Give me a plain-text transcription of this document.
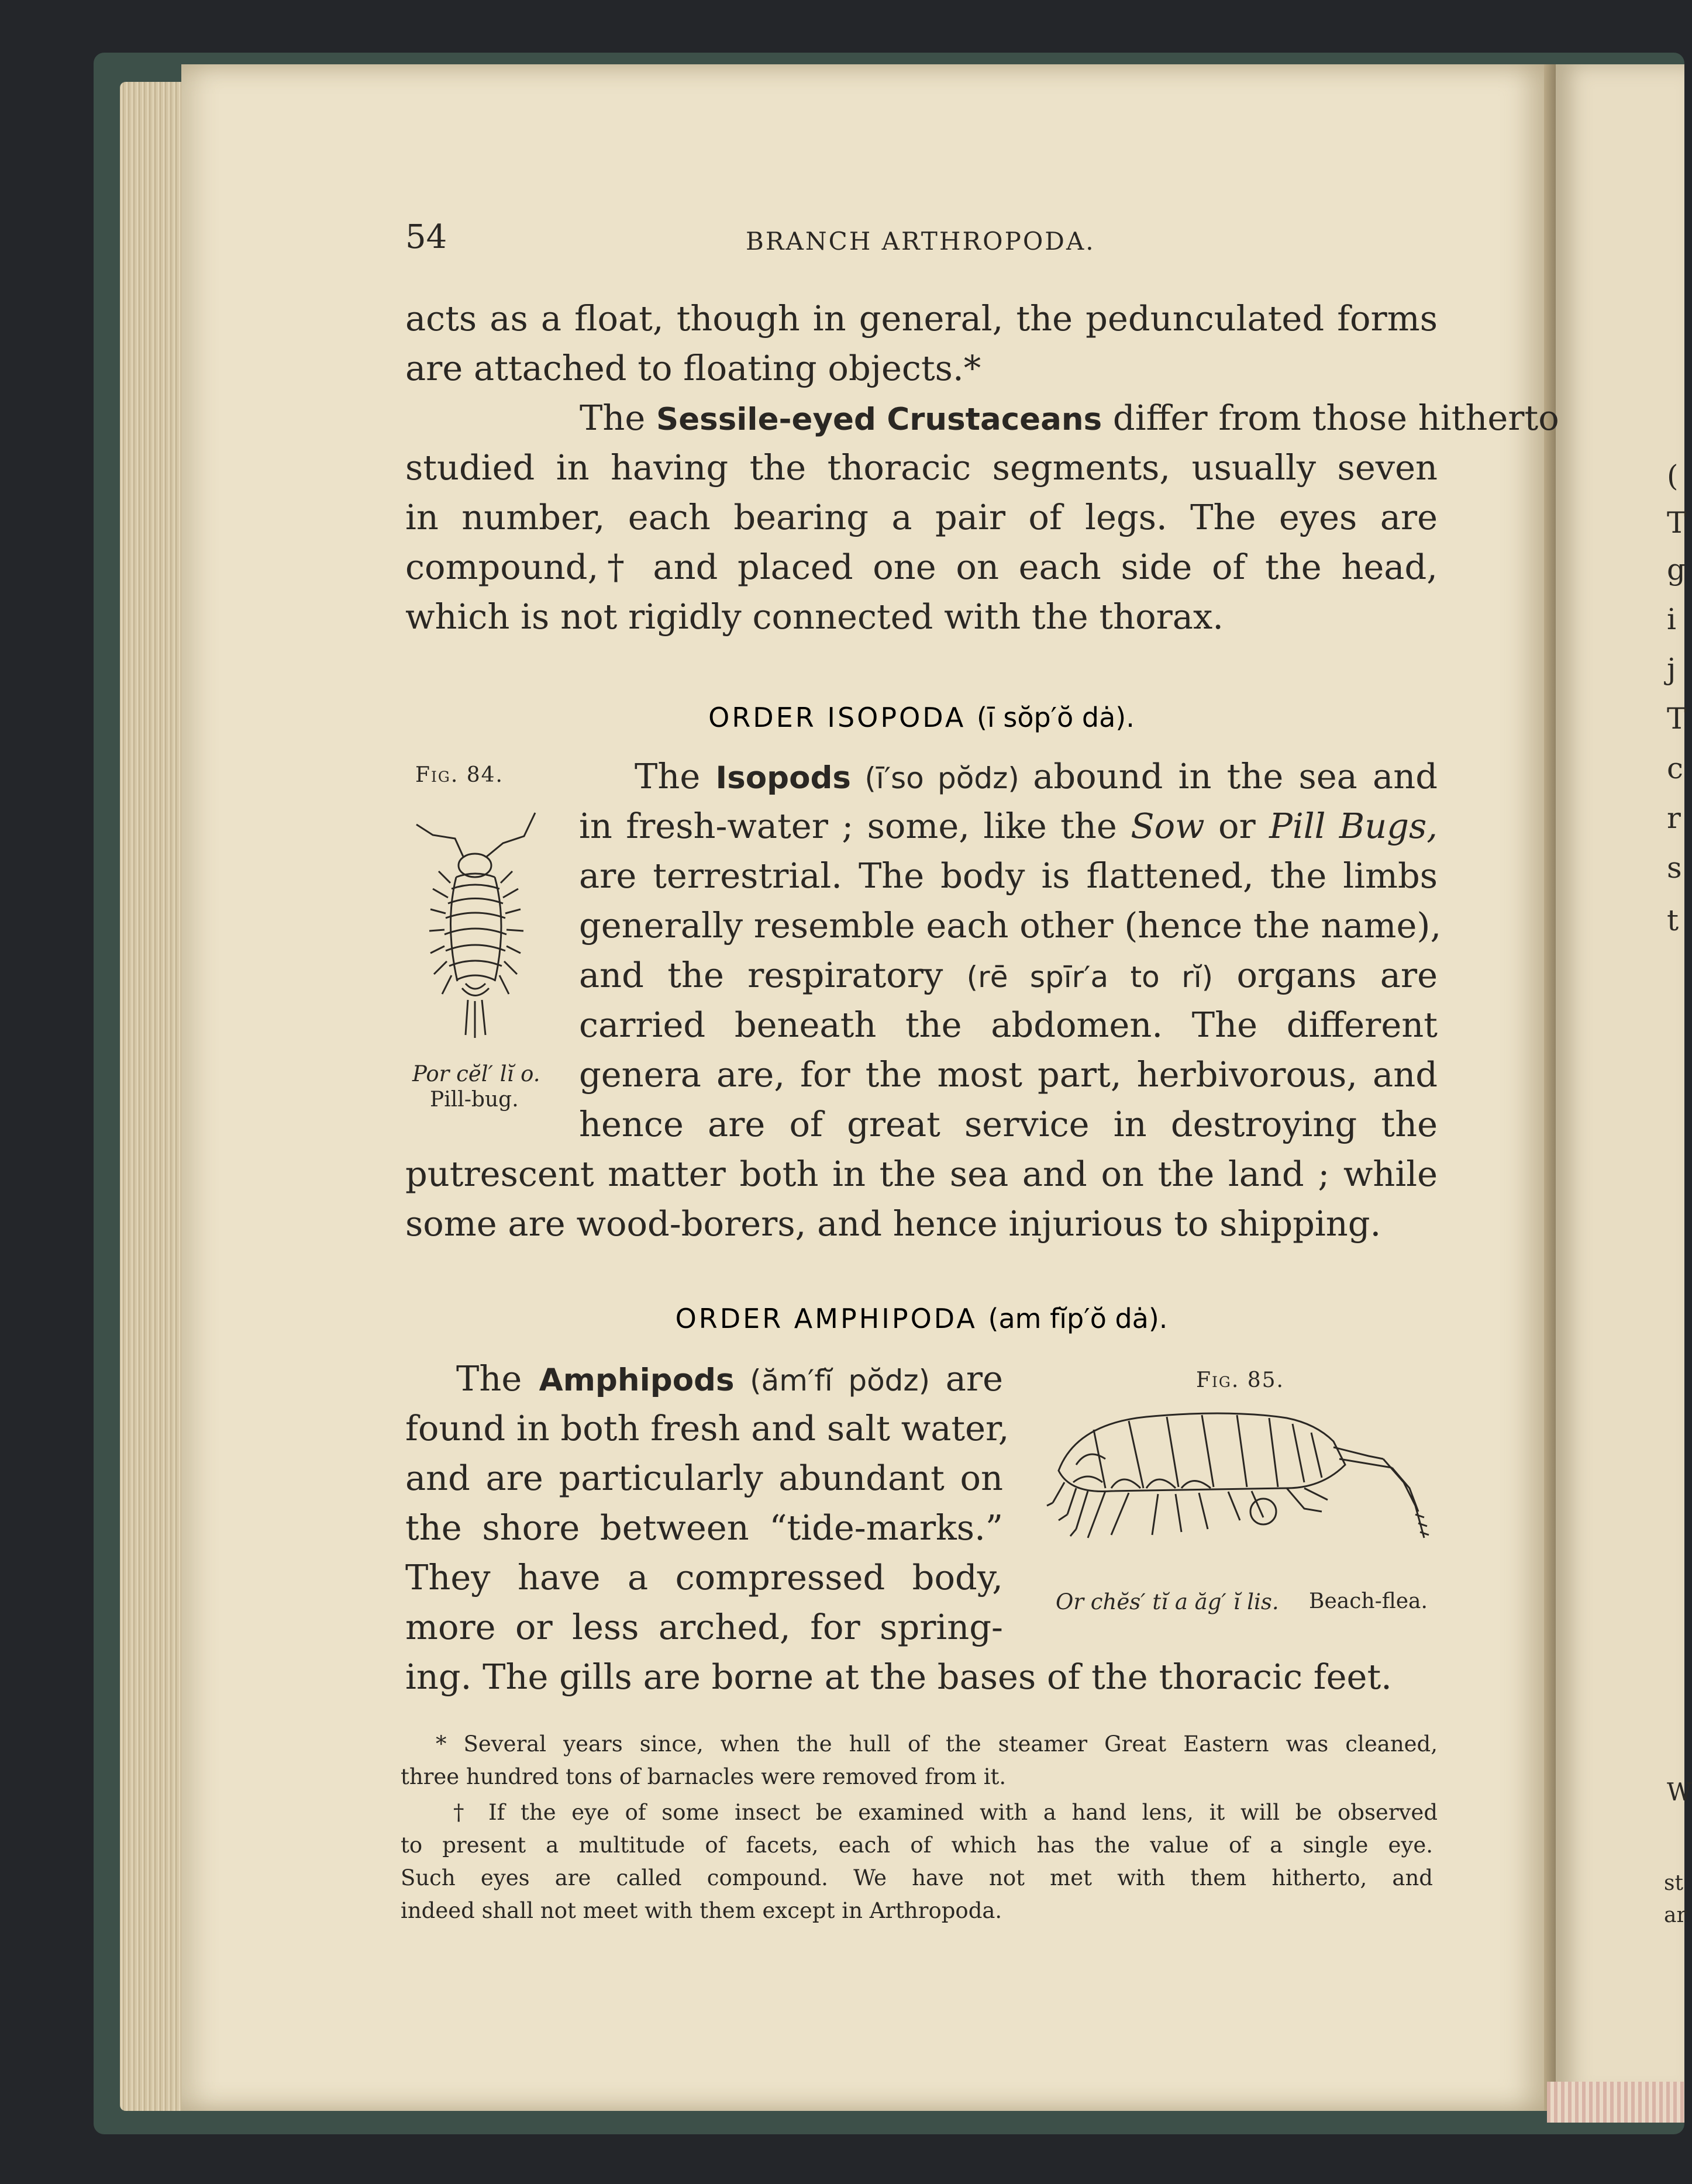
(
T
g
i
j
T
c
r
s
t
W
st
ar
54	BRANCH ARTHROPODA.
acts as a float, though in general, the pedunculated forms
are attached to floating objects.*
The Sessile-eyed Crustaceans differ from those hitherto
studied in having the thoracic segments, usually seven
in number, each bearing a pair of legs. The eyes are
compound,† and placed one on each side of the head,
which is not rigidly connected with the thorax.
ORDER ISOPODA (ī sŏp′ŏ dȧ).
Fig. 84.
Por cĕl′ lĭ o.
Pill-bug.
The Isopods (ī′so pŏdz) abound in the sea and
in fresh-water ; some, like the Sow or Pill Bugs,
are terrestrial. The body is flattened, the limbs
generally resemble each other (hence the name),
and the respiratory (rē spīr′a to rĭ) organs are
carried beneath the abdomen. The different
genera are, for the most part, herbivorous, and
hence are of great service in destroying the
putrescent matter both in the sea and on the land ; while
some are wood-borers, and hence injurious to shipping.
ORDER AMPHIPODA (am fĭp′ŏ dȧ).
The Amphipods (ăm′fĭ pŏdz) are
found in both fresh and salt water,
and are particularly abundant on
the shore between “tide-marks.”
They have a compressed body,
more or less arched, for spring-
ing. The gills are borne at the bases of the thoracic feet.
Fig. 85.
Or chĕs′ tĭ a ăg′ ĭ lis. Beach-flea.
* Several years since, when the hull of the steamer Great Eastern was cleaned,
three hundred tons of barnacles were removed from it.
† If the eye of some insect be examined with a hand lens, it will be observed
to present a multitude of facets, each of which has the value of a single eye.
Such eyes are called compound. We have not met with them hitherto, and
indeed shall not meet with them except in Arthropoda.
